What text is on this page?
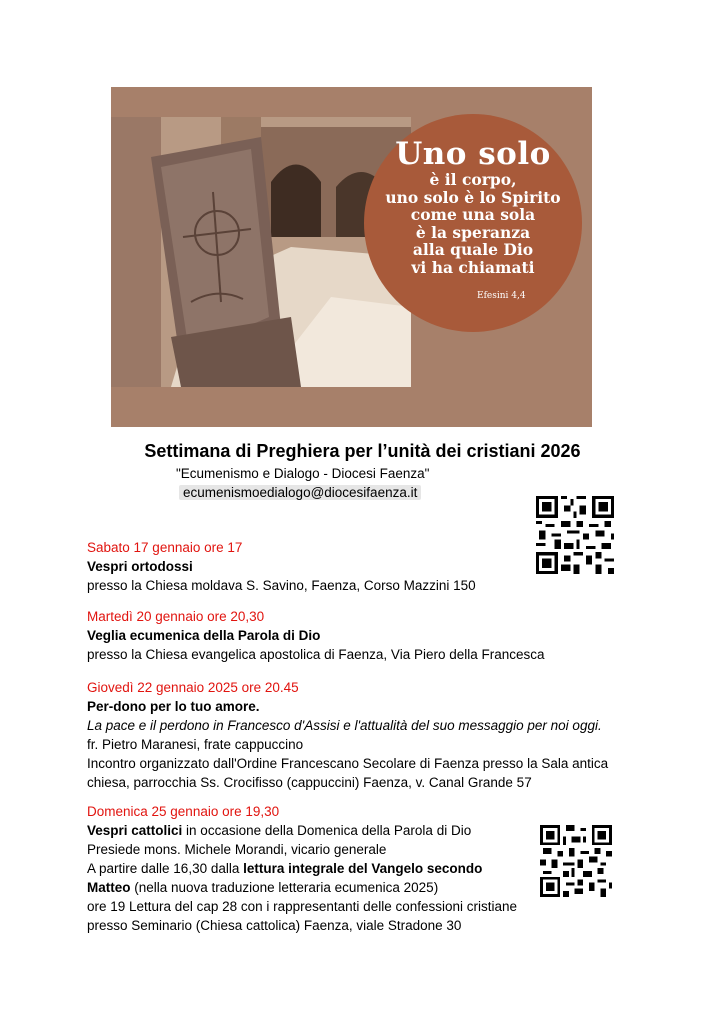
Uno solo
è il corpo,
uno solo è lo Spirito
come una sola
è la speranza
alla quale Dio
vi ha chiamati
Efesini 4,4
Settimana di Preghiera per l’unità dei cristiani 2026
"Ecumenismo e Dialogo - Diocesi Faenza"
ecumenismoedialogo@diocesifaenza.it
Sabato 17 gennaio ore 17
Vespri ortodossi
presso la Chiesa moldava S. Savino, Faenza, Corso Mazzini 150
Martedì 20 gennaio ore 20,30
Veglia ecumenica della Parola di Dio
presso la Chiesa evangelica apostolica di Faenza, Via Piero della Francesca
Giovedì 22 gennaio 2025 ore 20.45
Per-dono per lo tuo amore.
La pace e il perdono in Francesco d'Assisi e l'attualità del suo messaggio per noi oggi.
fr. Pietro Maranesi, frate cappuccino
Incontro organizzato dall'Ordine Francescano Secolare di Faenza presso la Sala antica
chiesa, parrocchia Ss. Crocifisso (cappuccini) Faenza, v. Canal Grande 57
Domenica 25 gennaio ore 19,30
Vespri cattolici in occasione della Domenica della Parola di Dio
Presiede mons. Michele Morandi, vicario generale
A partire dalle 16,30 dalla lettura integrale del Vangelo secondo
Matteo (nella nuova traduzione letteraria ecumenica 2025)
ore 19 Lettura del cap 28 con i rappresentanti delle confessioni cristiane
presso Seminario (Chiesa cattolica) Faenza, viale Stradone 30
